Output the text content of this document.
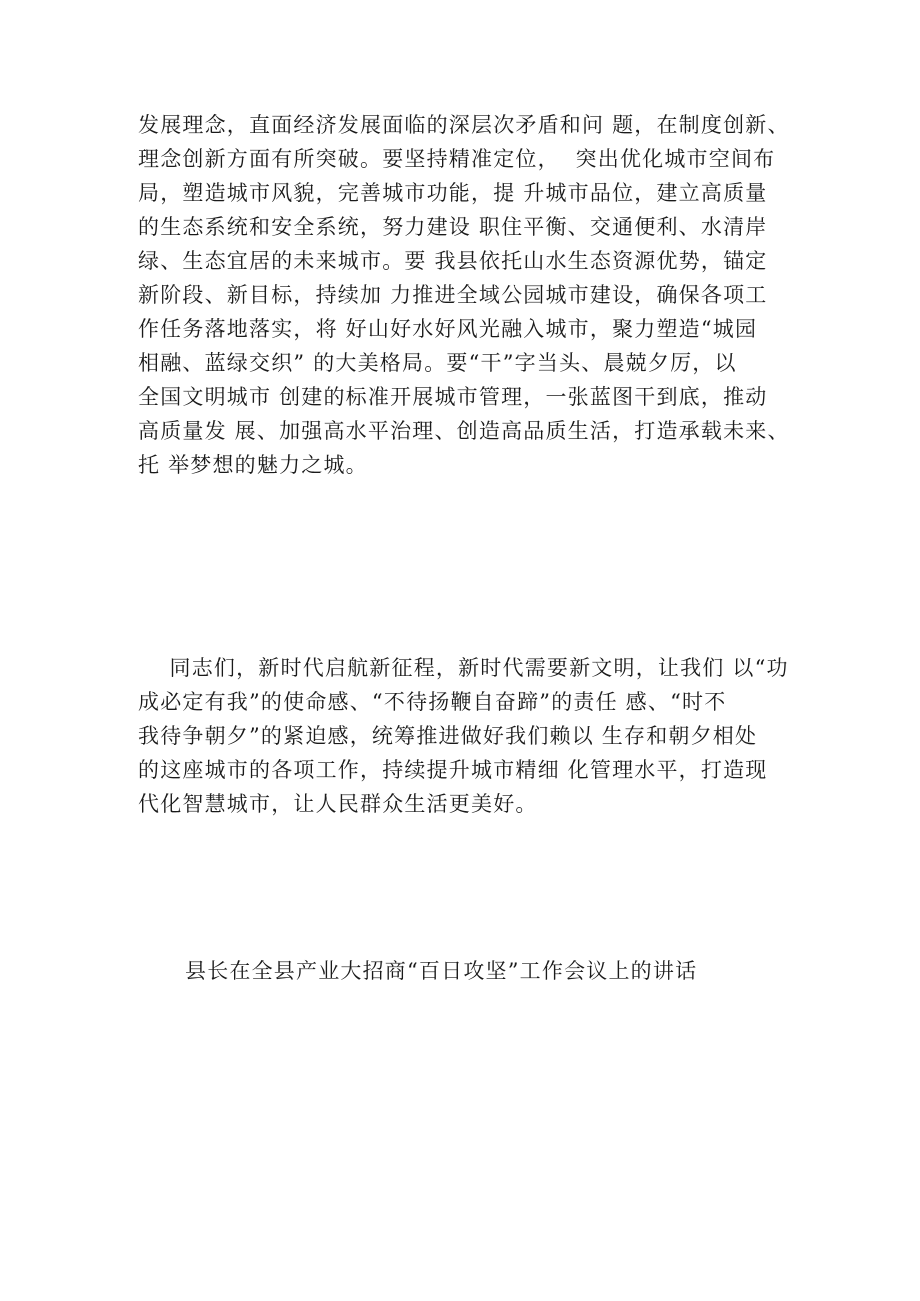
发展理念，直面经济发展面临的深层次矛盾和问 题，在制度创新、
理念创新方面有所突破。要坚持精准定位，  突出优化城市空间布
局，塑造城市风貌，完善城市功能，提 升城市品位，建立高质量
的生态系统和安全系统，努力建设 职住平衡、交通便利、水清岸
绿、生态宜居的未来城市。要 我县依托山水生态资源优势，锚定
新阶段、新目标，持续加 力推进全域公园城市建设，确保各项工
作任务落地落实，将 好山好水好风光融入城市，聚力塑造“城园
相融、蓝绿交织” 的大美格局。要“干”字当头、晨兢夕厉，以
全国文明城市 创建的标准开展城市管理，一张蓝图干到底，推动
高质量发 展、加强高水平治理、创造高品质生活，打造承载未来、
托 举梦想的魅力之城。
同志们，新时代启航新征程，新时代需要新文明，让我们 以“功
成必定有我”的使命感、“不待扬鞭自奋蹄”的责任 感、“时不
我待争朝夕”的紧迫感，统筹推进做好我们赖以 生存和朝夕相处
的这座城市的各项工作，持续提升城市精细 化管理水平，打造现
代化智慧城市，让人民群众生活更美好。
县长在全县产业大招商“百日攻坚”工作会议上的讲话
